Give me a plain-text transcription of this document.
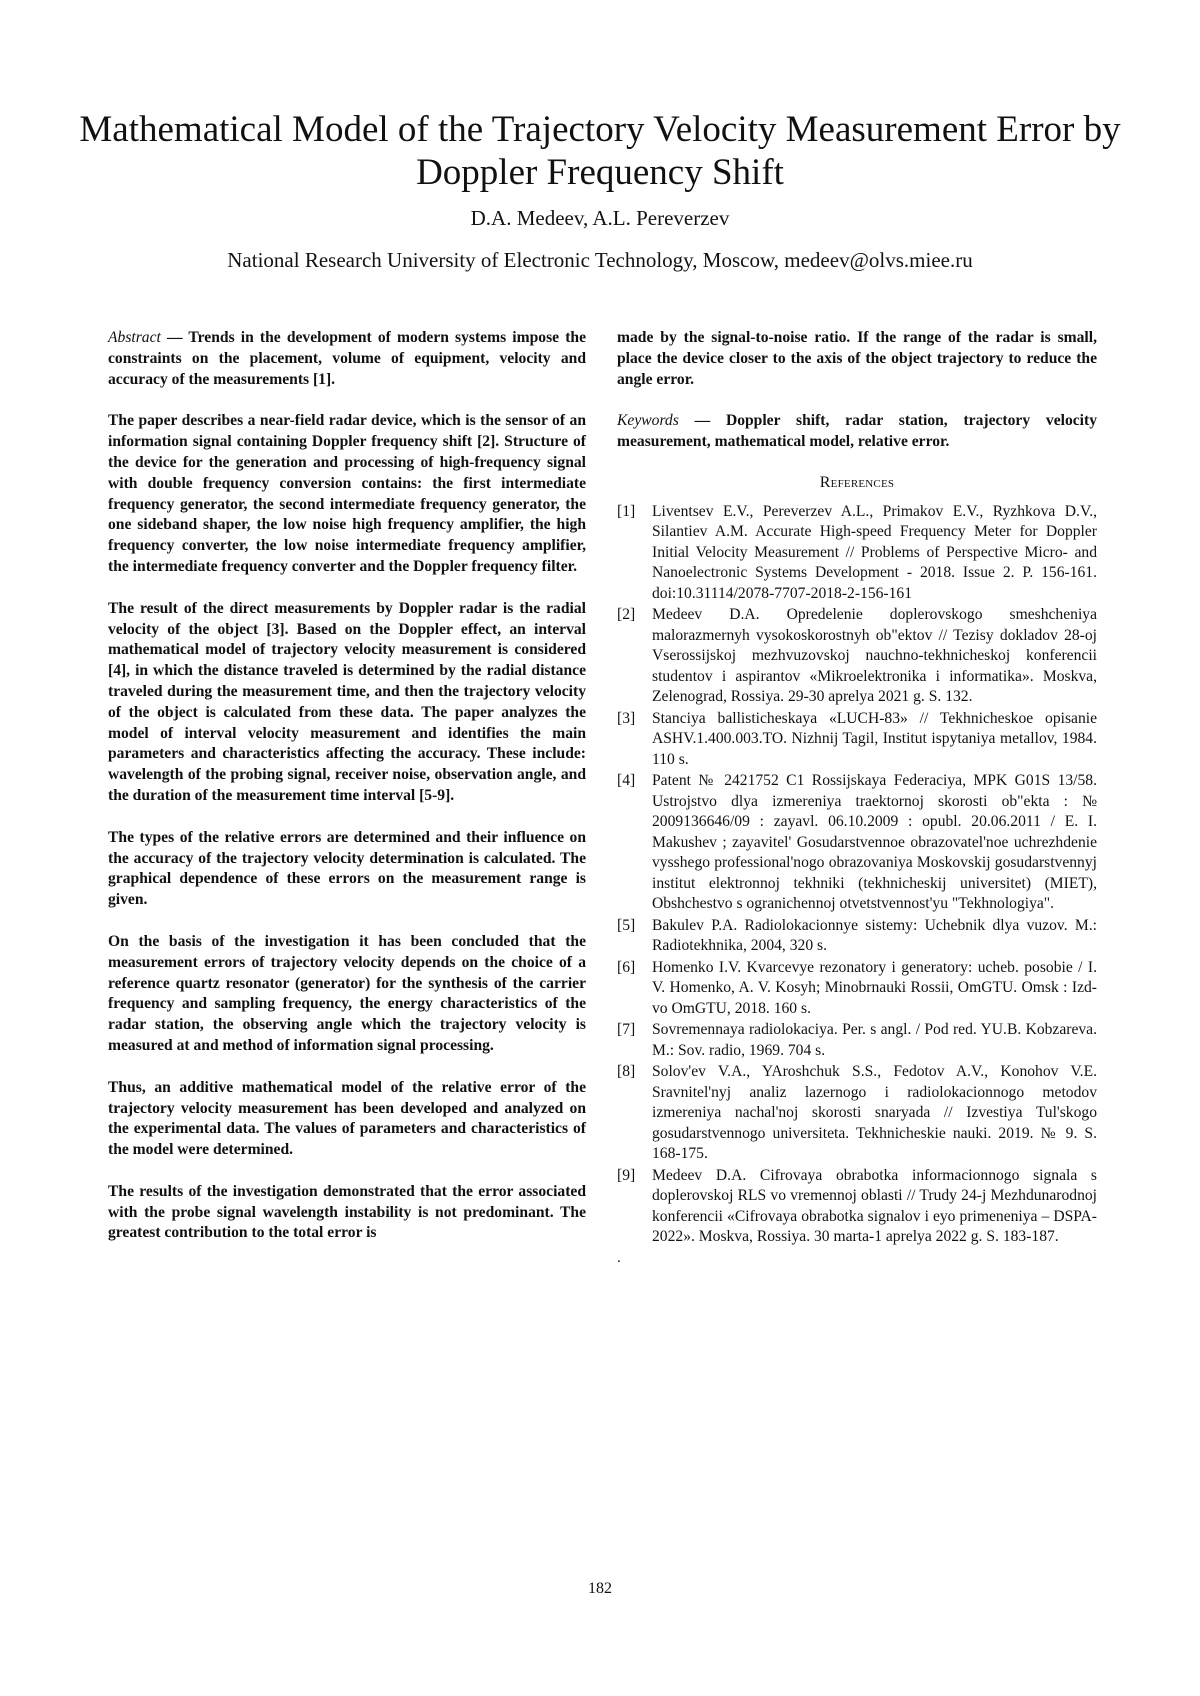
Mathematical Model of the Trajectory Velocity Measurement Error by Doppler Frequency Shift
D.A. Medeev, A.L. Pereverzev
National Research University of Electronic Technology, Moscow, medeev@olvs.miee.ru

Abstract — Trends in the development of modern systems impose the constraints on the placement, volume of equipment, velocity and accuracy of the measurements [1].

The paper describes a near-field radar device, which is the sensor of an information signal containing Doppler frequency shift [2]. Structure of the device for the generation and processing of high-frequency signal with double frequency conversion contains: the first intermediate frequency generator, the second intermediate frequency generator, the one sideband shaper, the low noise high frequency amplifier, the high frequency converter, the low noise intermediate frequency amplifier, the intermediate frequency converter and the Doppler frequency filter.

The result of the direct measurements by Doppler radar is the radial velocity of the object [3]. Based on the Doppler effect, an interval mathematical model of trajectory velocity measurement is considered [4], in which the distance traveled is determined by the radial distance traveled during the measurement time, and then the trajectory velocity of the object is calculated from these data. The paper analyzes the model of interval velocity measurement and identifies the main parameters and characteristics affecting the accuracy. These include: wavelength of the probing signal, receiver noise, observation angle, and the duration of the measurement time interval [5-9].

The types of the relative errors are determined and their influence on the accuracy of the trajectory velocity determination is calculated. The graphical dependence of these errors on the measurement range is given.

On the basis of the investigation it has been concluded that the measurement errors of trajectory velocity depends on the choice of a reference quartz resonator (generator) for the synthesis of the carrier frequency and sampling frequency, the energy characteristics of the radar station, the observing angle which the trajectory velocity is measured at and method of information signal processing.

Thus, an additive mathematical model of the relative error of the trajectory velocity measurement has been developed and analyzed on the experimental data. The values of parameters and characteristics of the model were determined.

The results of the investigation demonstrated that the error associated with the probe signal wavelength instability is not predominant. The greatest contribution to the total error is

made by the signal-to-noise ratio. If the range of the radar is small, place the device closer to the axis of the object trajectory to reduce the angle error.

Keywords — Doppler shift, radar station, trajectory velocity measurement, mathematical model, relative error.

References
[1]	Liventsev E.V., Pereverzev A.L., Primakov E.V., Ryzhkova D.V., Silantiev A.M. Accurate High-speed Frequency Meter for Doppler Initial Velocity Measurement // Problems of Perspective Micro- and Nanoelectronic Systems Development - 2018. Issue 2. P. 156-161. doi:10.31114/2078-7707-2018-2-156-161
[2]	Medeev D.A. Opredelenie doplerovskogo smeshcheniya malorazmernyh vysokoskorostnyh ob"ektov // Tezisy dokladov 28-oj Vserossijskoj mezhvuzovskoj nauchno-tekhnicheskoj konferencii studentov i aspirantov «Mikroelektronika i informatika». Moskva, Zelenograd, Rossiya. 29-30 aprelya 2021 g. S. 132.
[3]	Stanciya ballisticheskaya «LUCH-83» // Tekhnicheskoe opisanie ASHV.1.400.003.TO. Nizhnij Tagil, Institut ispytaniya metallov, 1984. 110 s.
[4]	Patent № 2421752 C1 Rossijskaya Federaciya, MPK G01S 13/58. Ustrojstvo dlya izmereniya traektornoj skorosti ob"ekta : № 2009136646/09 : zayavl. 06.10.2009 : opubl. 20.06.2011 / E. I. Makushev ; zayavitel' Gosudarstvennoe obrazovatel'noe uchrezhdenie vysshego professional'nogo obrazovaniya Moskovskij gosudarstvennyj institut elektronnoj tekhniki (tekhnicheskij universitet) (MIET), Obshchestvo s ogranichennoj otvetstvennost'yu "Tekhnologiya".
[5]	Bakulev P.A. Radiolokacionnye sistemy: Uchebnik dlya vuzov. M.: Radiotekhnika, 2004, 320 s.
[6]	Homenko I.V. Kvarcevye rezonatory i generatory: ucheb. posobie / I. V. Homenko, A. V. Kosyh; Minobrnauki Rossii, OmGTU. Omsk : Izd-vo OmGTU, 2018. 160 s.
[7]	Sovremennaya radiolokaciya. Per. s angl. / Pod red. YU.B. Kobzareva. M.: Sov. radio, 1969. 704 s.
[8]	Solov'ev V.A., YAroshchuk S.S., Fedotov A.V., Konohov V.E. Sravnitel'nyj analiz lazernogo i radiolokacionnogo metodov izmereniya nachal'noj skorosti snaryada // Izvestiya Tul'skogo gosudarstvennogo universiteta. Tekhnicheskie nauki. 2019. № 9. S. 168-175.
[9]	Medeev D.A. Cifrovaya obrabotka informacionnogo signala s doplerovskoj RLS vo vremennoj oblasti // Trudy 24-j Mezhdunarodnoj konferencii «Cifrovaya obrabotka signalov i eyo primeneniya – DSPA-2022». Moskva, Rossiya. 30 marta-1 aprelya 2022 g. S. 183-187.
.
182
